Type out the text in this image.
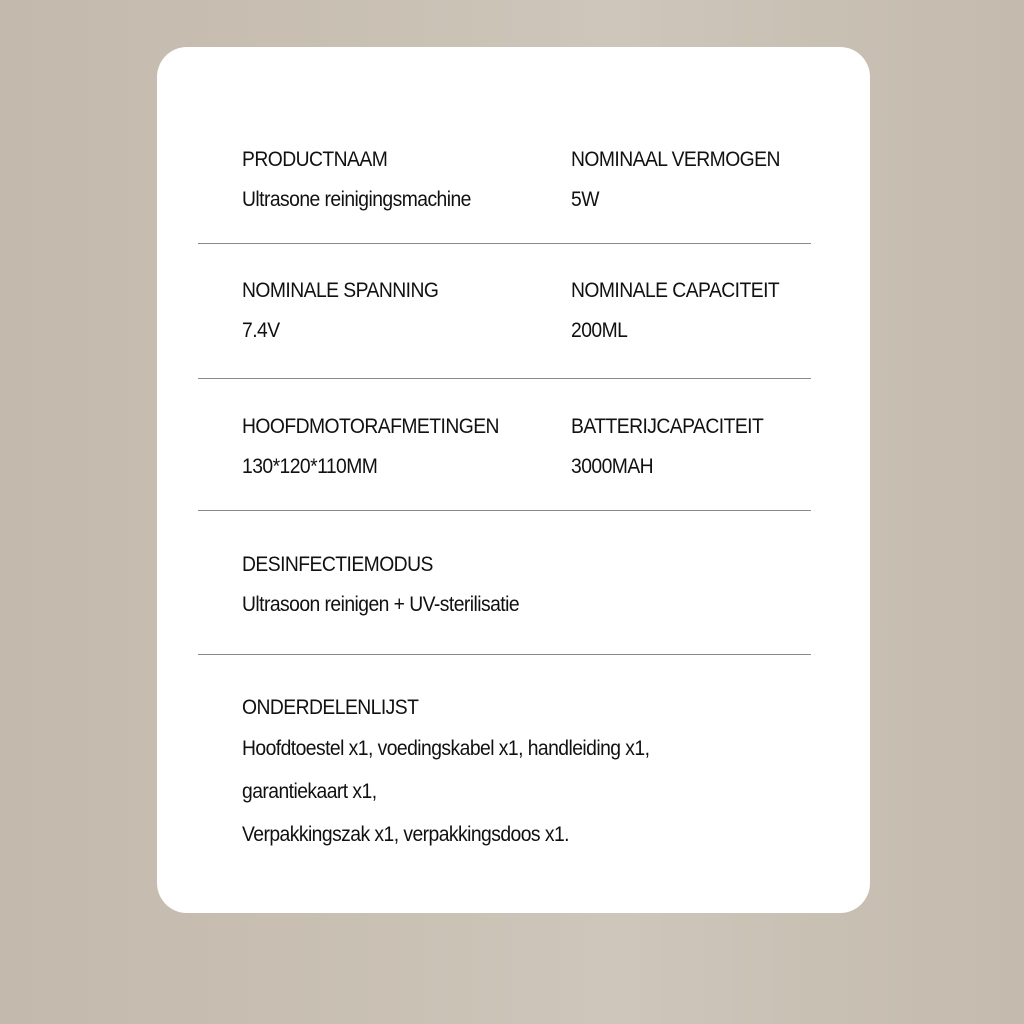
PRODUCTNAAM
Ultrasone reinigingsmachine
NOMINAAL VERMOGEN
5W
NOMINALE SPANNING
7.4V
NOMINALE CAPACITEIT
200ML
HOOFDMOTORAFMETINGEN
130*120*110MM
BATTERIJCAPACITEIT
3000MAH
DESINFECTIEMODUS
Ultrasoon reinigen + UV-sterilisatie
ONDERDELENLIJST
Hoofdtoestel x1, voedingskabel x1, handleiding x1,
garantiekaart x1,
Verpakkingszak x1, verpakkingsdoos x1.
